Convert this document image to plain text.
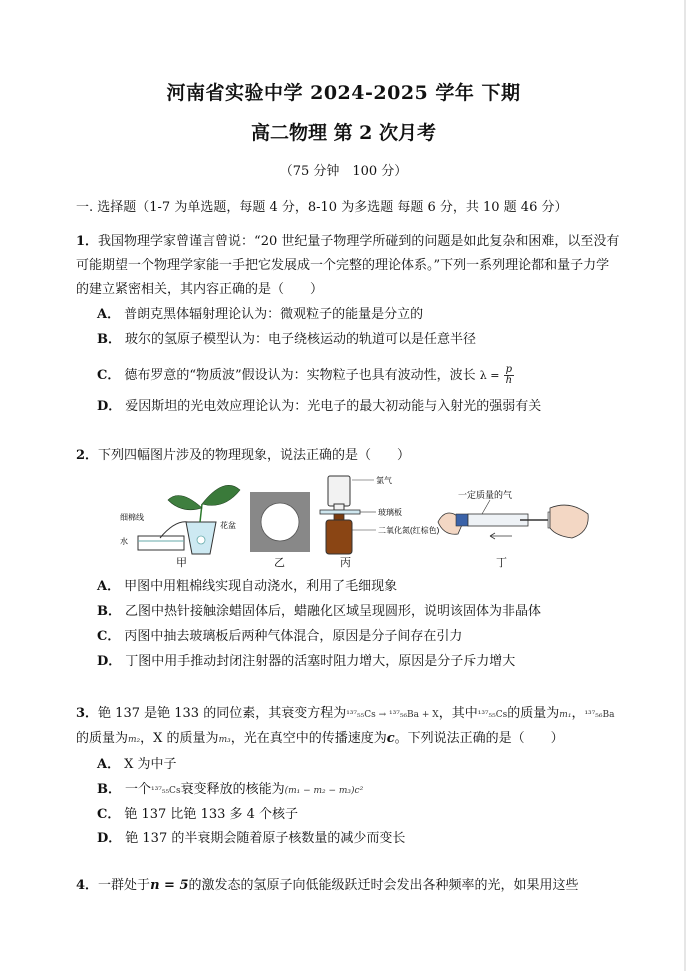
河南省实验中学 2024-2025 学年 下期
高二物理 第 2 次月考
（75 分钟　100 分）
一. 选择题（1-7 为单选题，每题 4 分，8-10 为多选题 每题 6 分，共 10 题 46 分）
1．我国物理学家曾谨言曾说：“20 世纪量子物理学所碰到的问题是如此复杂和困难，以至没有可能期望一个物理学家能一手把它发展成一个完整的理论体系。”下列一系列理论都和量子力学的建立紧密相关，其内容正确的是（　　）
A． 普朗克黑体辐射理论认为：微观粒子的能量是分立的
B． 玻尔的氢原子模型认为：电子绕核运动的轨道可以是任意半径
C． 德布罗意的“物质波”假设认为：实物粒子也具有波动性，波长 $\lambda = \frac{p}{h}$
D． 爱因斯坦的光电效应理论认为：光电子的最大初动能与入射光的强弱有关
2．下列四幅图片涉及的物理现象，说法正确的是（　　）
细棉线
水
花盆
氯气
玻璃板
二氧化氮(红棕色)
一定质量的气
甲	乙	丙	丁
A． 甲图中用粗棉线实现自动浇水，利用了毛细现象
B． 乙图中热针接触涂蜡固体后，蜡融化区域呈现圆形，说明该固体为非晶体
C． 丙图中抽去玻璃板后两种气体混合，原因是分子间存在引力
D． 丁图中用手推动封闭注射器的活塞时阻力增大，原因是分子斥力增大
3．铯 137 是铯 133 的同位素，其衰变方程为¹³⁷₅₅Cs → ¹³⁷₅₆Ba + X，其中¹³⁷₅₅Cs的质量为m₁，¹³⁷₅₆Ba的质量为m₂，X 的质量为m₃，光在真空中的传播速度为c。下列说法正确的是（　　）
A． X 为中子
B． 一个¹³⁷₅₅Cs衰变释放的核能为(m₁ − m₂ − m₃)c²
C． 铯 137 比铯 133 多 4 个核子
D． 铯 137 的半衰期会随着原子核数量的减少而变长
4．一群处于n = 5的激发态的氢原子向低能级跃迁时会发出各种频率的光，如果用这些
